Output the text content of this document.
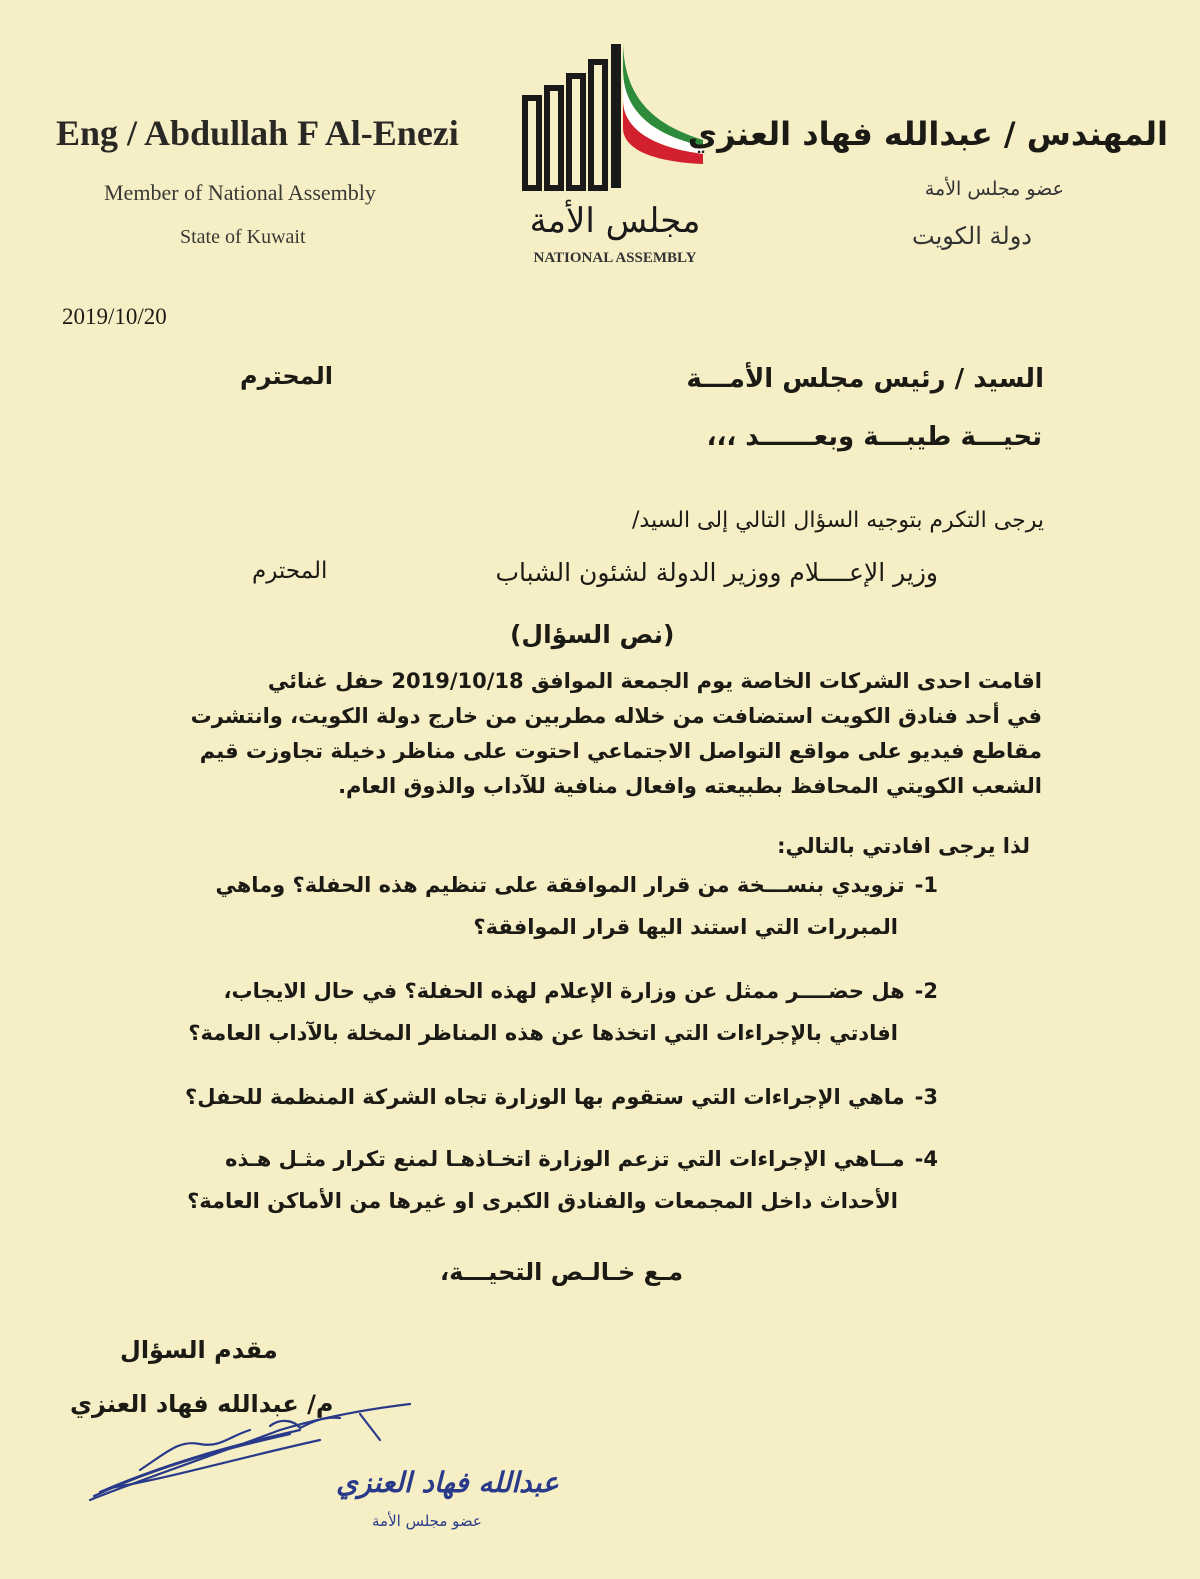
Eng / Abdullah F Al-Enezi
Member of National Assembly
State of Kuwait	مجلس الأمة
NATIONAL ASSEMBLY
المهندس / عبدالله فهاد العنزي
عضو مجلس الأمة
دولة الكويت
2019/10/20
السيد / رئيس مجلس الأمـــة
المحترم
تحيـــة طيبـــة وبعــــــد ،،،
يرجى التكرم بتوجيه السؤال التالي إلى السيد/
وزير الإعــــلام ووزير الدولة لشئون الشباب
المحترم
(نص السؤال)
اقامت احدى الشركات الخاصة يوم الجمعة الموافق 2019/10/18 حفل غنائي
في أحد فنادق الكويت استضافت من خلاله مطربين من خارج دولة الكويت، وانتشرت
مقاطع فيديو على مواقع التواصل الاجتماعي احتوت على مناظر دخيلة تجاوزت قيم
الشعب الكويتي المحافظ بطبيعته وافعال منافية للآداب والذوق العام.
لذا يرجى افادتي بالتالي:
1-تزويدي بنســـخة من قرار الموافقة على تنظيم هذه الحفلة؟ وماهي
المبررات التي استند اليها قرار الموافقة؟
2-هل حضــــر ممثل عن وزارة الإعلام لهذه الحفلة؟ في حال الايجاب،
افادتي بالإجراءات التي اتخذها عن هذه المناظر المخلة بالآداب العامة؟
3-ماهي الإجراءات التي ستقوم بها الوزارة تجاه الشركة المنظمة للحفل؟
4-مــاهي الإجراءات التي تزعم الوزارة اتخـاذهـا لمنع تكرار مثـل هـذه
الأحداث داخل المجمعات والفنادق الكبرى او غيرها من الأماكن العامة؟
مـع خـالـص التحيـــة،
مقدم السؤال
م/ عبدالله فهاد العنزي
عبدالله فهاد العنزي
عضو مجلس الأمة
